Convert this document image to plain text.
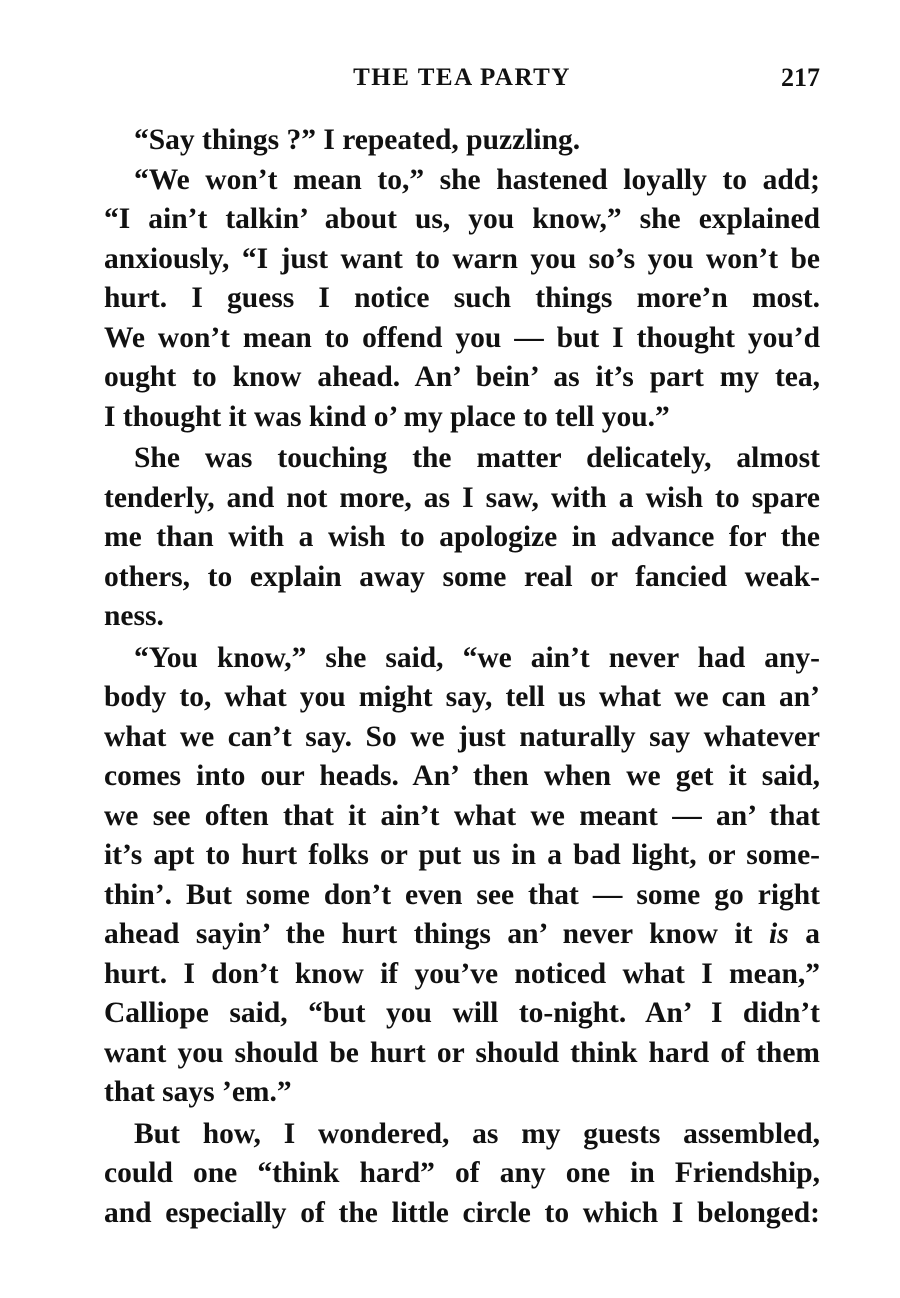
THE TEA PARTY	217
“Say things ?” I repeated, puzzling.
“We won’t mean to,” she hastened loyally to add;
“I ain’t talkin’ about us, you know,” she explained
anxiously, “I just want to warn you so’s you won’t be
hurt. I guess I notice such things more’n most.
We won’t mean to offend you — but I thought you’d
ought to know ahead. An’ bein’ as it’s part my tea,
I thought it was kind o’ my place to tell you.”
She was touching the matter delicately, almost
tenderly, and not more, as I saw, with a wish to spare
me than with a wish to apologize in advance for the
others, to explain away some real or fancied weak-
ness.
“You know,” she said, “we ain’t never had any-
body to, what you might say, tell us what we can an’
what we can’t say. So we just naturally say whatever
comes into our heads. An’ then when we get it said,
we see often that it ain’t what we meant — an’ that
it’s apt to hurt folks or put us in a bad light, or some-
thin’. But some don’t even see that — some go right
ahead sayin’ the hurt things an’ never know it is a
hurt. I don’t know if you’ve noticed what I mean,”
Calliope said, “but you will to-night. An’ I didn’t
want you should be hurt or should think hard of them
that says ’em.”
But how, I wondered, as my guests assembled,
could one “think hard” of any one in Friendship,
and especially of the little circle to which I belonged:
